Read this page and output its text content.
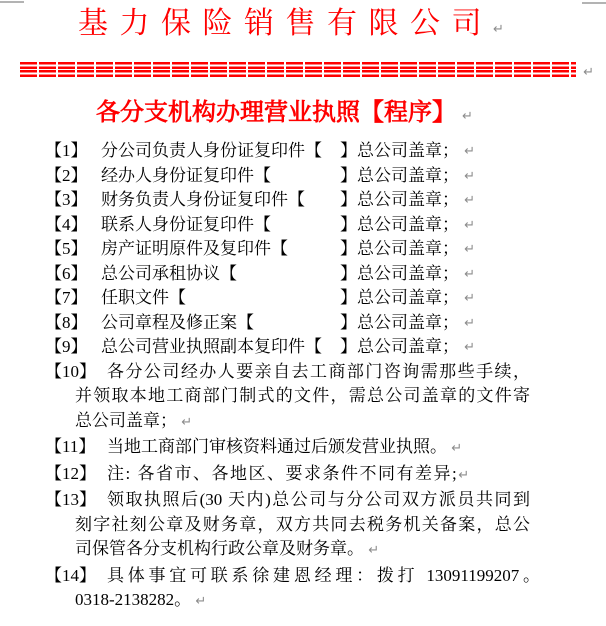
基 力 保 险 销 售 有 限 公 司 ↵
↵
各分支机构办理营业执照【程序】 ↵
【1】 分公司负责人身份证复印件 【 】总公司盖章； ↵
【2】 经办人身份证复印件 【	】总公司盖章； ↵
【3】 财务负责人身份证复印件 【 】总公司盖章； ↵
【4】 联系人身份证复印件 【	】总公司盖章； ↵
【5】 房产证明原件及复印件 【	】总公司盖章； ↵
【6】 总公司承租协议 【	】总公司盖章； ↵
【7】 任职文件 【	】总公司盖章； ↵
【8】 公司章程及修正案 【	】总公司盖章； ↵
【9】 总公司营业执照副本复印件 【 】总公司盖章； ↵
【10】 各分公司经办人要亲自去工商部门咨询需那些手续，
并领取本地工商部门制式的文件，需总公司盖章的文件寄
总公司盖章； ↵
【11】 当地工商部门审核资料通过后颁发营业执照。 ↵
【12】 注: 各省市、各地区、要求条件不同有差异;↵
【13】 领取执照后(30 天内)总公司与分公司双方派员共同到
刻字社刻公章及财务章，双方共同去税务机关备案，总公
司保管各分支机构行政公章及财务章。 ↵
【14】 具体事宜可联系徐建恩经理：拨打 13091199207。
0318-2138282。 ↵
